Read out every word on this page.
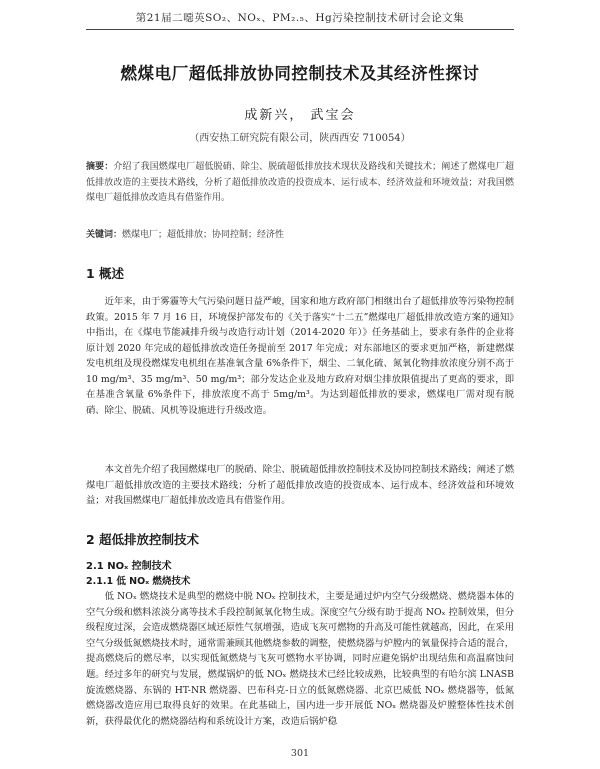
第21届二噁英SO₂、NOₓ、PM₂.₅、Hg污染控制技术研讨会论文集
燃煤电厂超低排放协同控制技术及其经济性探讨
成新兴， 武宝会
（西安热工研究院有限公司，陕西西安 710054）
摘要：介绍了我国燃煤电厂超低脱硝、除尘、脱硫超低排放技术现状及路线和关键技术；阐述了燃煤电厂超低排放改造的主要技术路线，分析了超低排放改造的投资成本、运行成本、经济效益和环境效益；对我国燃煤电厂超低排放改造具有借鉴作用。
关键词：燃煤电厂；超低排放；协同控制；经济性
1 概述
近年来，由于雾霾等大气污染问题日益严峻，国家和地方政府部门相继出台了超低排放等污染物控制政策。2015 年 7 月 16 日，环境保护部发布的《关于落实“十二五”燃煤电厂超低排放改造方案的通知》中指出，在《煤电节能减排升级与改造行动计划（2014-2020 年）》任务基础上，要求有条件的企业将原计划 2020 年完成的超低排放改造任务提前至 2017 年完成；对东部地区的要求更加严格，新建燃煤发电机组及现役燃煤发电机组在基准氧含量 6%条件下，烟尘、二氧化硫、氮氧化物排放浓度分别不高于 10 mg/m³、35 mg/m³、50 mg/m³；部分发达企业及地方政府对烟尘排放限值提出了更高的要求，即在基准含氧量 6%条件下，排放浓度不高于 5mg/m³。为达到超低排放的要求，燃煤电厂需对现有脱硝、除尘、脱硫、风机等设施进行升级改造。
本文首先介绍了我国燃煤电厂的脱硝、除尘、脱硫超低排放控制技术及协同控制技术路线；阐述了燃煤电厂超低排放改造的主要技术路线；分析了超低排放改造的投资成本、运行成本、经济效益和环境效益；对我国燃煤电厂超低排放改造具有借鉴作用。
2 超低排放控制技术
2.1 NOₓ 控制技术
2.1.1 低 NOₓ 燃烧技术
低 NOₓ 燃烧技术是典型的燃烧中脱 NOₓ 控制技术，主要是通过炉内空气分级燃烧、燃烧器本体的空气分级和燃料浓淡分离等技术手段控制氮氧化物生成。深度空气分级有助于提高 NOₓ 控制效果，但分级程度过深，会造成燃烧器区域还原性气氛增强，造成飞灰可燃物的升高及可能性就越高，因此，在采用空气分级低氮燃烧技术时，通常需兼顾其他燃烧参数的调整，使燃烧器与炉膛内的氧量保持合适的混合，提高燃烧后的燃尽率，以实现低氮燃烧与飞灰可燃物水平协调，同时应避免锅炉出现结焦和高温腐蚀问题。 经过多年的研究与发展，燃煤锅炉的低 NOₓ 燃烧技术已经比较成熟，比较典型的有哈尔滨 LNASB 旋流燃烧器、东锅的 HT-NR 燃烧器、巴布科克-日立的低氮燃烧器、北京巴威低 NOₓ 燃烧器等，低氮燃烧器改造应用已取得良好的效果。在此基础上，国内进一步开展低 NOₓ 燃烧器及炉膛整体性技术创新，获得最优化的燃烧器结构和系统设计方案，改造后锅炉稳
301
